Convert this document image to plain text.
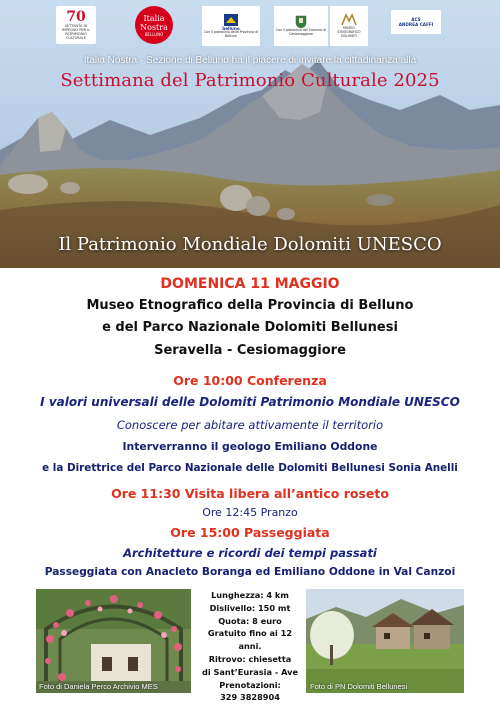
70
SETTANTA DI IMPEGNO PER IL PATRIMONIO CULTURALE
Italia
Nostra
BELLUNO
belluno
Con il patrocinio della Provincia di Belluno
Con il patrocinio del Comune di Cesiomaggiore
MUSEO
ETNOGRAFICO
DOLOMITI
ACS
ANDREA CAFFI
Italia Nostra - Sezione di Belluno ha il piacere di invitare la cittadinanza alla
Settimana del Patrimonio Culturale 2025
Il Patrimonio Mondiale Dolomiti UNESCO
DOMENICA 11 MAGGIO
Museo Etnografico della Provincia di Belluno
e del Parco Nazionale Dolomiti Bellunesi
Seravella - Cesiomaggiore
Ore 10:00 Conferenza
I valori universali delle Dolomiti Patrimonio Mondiale UNESCO
Conoscere per abitare attivamente il territorio
Interverranno il geologo Emiliano Oddone
e la Direttrice del Parco Nazionale delle Dolomiti Bellunesi Sonia Anelli
Ore 11:30 Visita libera all’antico roseto
Ore 12:45 Pranzo
Ore 15:00 Passeggiata
Architetture e ricordi dei tempi passati
Passeggiata con Anacleto Boranga ed Emiliano Oddone in Val Canzoi
Foto di Daniela Perco Archivio MES
Lunghezza: 4 km
Dislivello: 150 mt
Quota: 8 euro
Gratuito fino ai 12 anni.
Ritrovo: chiesetta
di Sant’Eurasia - Ave
Prenotazioni:
329 3828904
Foto di PN Dolomiti Bellunesi
